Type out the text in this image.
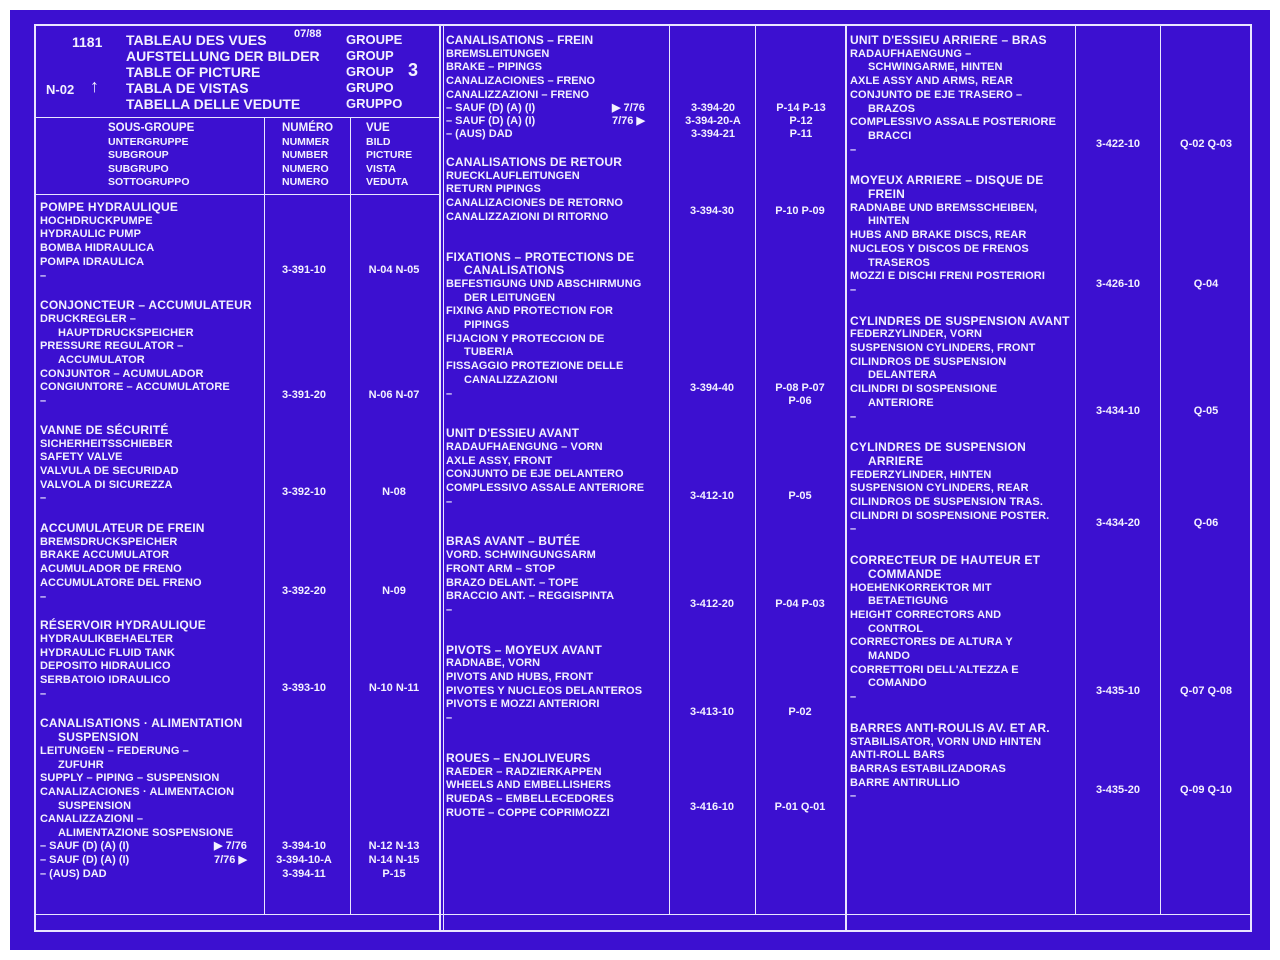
1181	07/88
N-02 ↑
3
TABLEAU DES VUES
AUFSTELLUNG DER BILDER
TABLE OF PICTURE
TABLA DE VISTAS
TABELLA DELLE VEDUTE
GROUPE
GROUP
GROUP
GRUPO
GRUPPO
SOUS-GROUPE
UNTERGRUPPE
SUBGROUP
SUBGRUPO
SOTTOGRUPPO
NUMÉRO
NUMMER
NUMBER
NUMERO
NUMERO
VUE
BILD
PICTURE
VISTA
VEDUTA
POMPE HYDRAULIQUE
HOCHDRUCKPUMPE
HYDRAULIC PUMP
BOMBA HIDRAULICA
POMPA IDRAULICA
–	3-391-10	N-04 N-05
CONJONCTEUR – ACCUMULATEUR
DRUCKREGLER –
HAUPTDRUCKSPEICHER
PRESSURE REGULATOR –
ACCUMULATOR
CONJUNTOR – ACUMULADOR
CONGIUNTORE – ACCUMULATORE
–	3-391-20	N-06 N-07
VANNE DE SÉCURITÉ
SICHERHEITSSCHIEBER
SAFETY VALVE
VALVULA DE SECURIDAD
VALVOLA DI SICUREZZA
–	3-392-10	N-08
ACCUMULATEUR DE FREIN
BREMSDRUCKSPEICHER
BRAKE ACCUMULATOR
ACUMULADOR DE FRENO
ACCUMULATORE DEL FRENO
–	3-392-20	N-09
RÉSERVOIR HYDRAULIQUE
HYDRAULIKBEHAELTER
HYDRAULIC FLUID TANK
DEPOSITO HIDRAULICO
SERBATOIO IDRAULICO
–	3-393-10	N-10 N-11
CANALISATIONS · ALIMENTATION
SUSPENSION
LEITUNGEN – FEDERUNG –
ZUFUHR
SUPPLY – PIPING – SUSPENSION
CANALIZACIONES · ALIMENTACION
SUSPENSION
CANALIZZAZIONI –
ALIMENTAZIONE SOSPENSIONE
– SAUF (D) (A) (I)	▶ 7/76	3-394-10	N-12 N-13
– SAUF (D) (A) (I)	7/76 ▶	3-394-10-A	N-14 N-15
– (AUS) DAD	3-394-11	P-15
CANALISATIONS – FREIN
BREMSLEITUNGEN
BRAKE – PIPINGS
CANALIZACIONES – FRENO
CANALIZZAZIONI – FRENO
– SAUF (D) (A) (I)	▶ 7/76	3-394-20	P-14 P-13
– SAUF (D) (A) (I)	7/76 ▶	3-394-20-A	P-12
– (AUS) DAD	3-394-21	P-11
CANALISATIONS DE RETOUR
RUECKLAUFLEITUNGEN
RETURN PIPINGS
CANALIZACIONES DE RETORNO
CANALIZZAZIONI DI RITORNO	3-394-30	P-10 P-09
FIXATIONS – PROTECTIONS DE
CANALISATIONS
BEFESTIGUNG UND ABSCHIRMUNG
DER LEITUNGEN
FIXING AND PROTECTION FOR
PIPINGS
FIJACION Y PROTECCION DE
TUBERIA
FISSAGGIO PROTEZIONE DELLE
CANALIZZAZIONI
–	3-394-40	P-08 P-07
P-06
UNIT D'ESSIEU AVANT
RADAUFHAENGUNG – VORN
AXLE ASSY, FRONT
CONJUNTO DE EJE DELANTERO
COMPLESSIVO ASSALE ANTERIORE
–	3-412-10	P-05
BRAS AVANT – BUTÉE
VORD. SCHWINGUNGSARM
FRONT ARM – STOP
BRAZO DELANT. – TOPE
BRACCIO ANT. – REGGISPINTA
–	3-412-20	P-04 P-03
PIVOTS – MOYEUX AVANT
RADNABE, VORN
PIVOTS AND HUBS, FRONT
PIVOTES Y NUCLEOS DELANTEROS
PIVOTS E MOZZI ANTERIORI
–	3-413-10	P-02
ROUES – ENJOLIVEURS
RAEDER – RADZIERKAPPEN
WHEELS AND EMBELLISHERS
RUEDAS – EMBELLECEDORES
RUOTE – COPPE COPRIMOZZI	3-416-10	P-01 Q-01
UNIT D'ESSIEU ARRIERE – BRAS
RADAUFHAENGUNG –
SCHWINGARME, HINTEN
AXLE ASSY AND ARMS, REAR
CONJUNTO DE EJE TRASERO –
BRAZOS
COMPLESSIVO ASSALE POSTERIORE
BRACCI
–	3-422-10	Q-02 Q-03
MOYEUX ARRIERE – DISQUE DE
FREIN
RADNABE UND BREMSSCHEIBEN,
HINTEN
HUBS AND BRAKE DISCS, REAR
NUCLEOS Y DISCOS DE FRENOS
TRASEROS
MOZZI E DISCHI FRENI POSTERIORI
–	3-426-10	Q-04
CYLINDRES DE SUSPENSION AVANT
FEDERZYLINDER, VORN
SUSPENSION CYLINDERS, FRONT
CILINDROS DE SUSPENSION
DELANTERA
CILINDRI DI SOSPENSIONE
ANTERIORE
–	3-434-10	Q-05
CYLINDRES DE SUSPENSION
ARRIERE
FEDERZYLINDER, HINTEN
SUSPENSION CYLINDERS, REAR
CILINDROS DE SUSPENSION TRAS.
CILINDRI DI SOSPENSIONE POSTER.
–	3-434-20	Q-06
CORRECTEUR DE HAUTEUR ET
COMMANDE
HOEHENKORREKTOR MIT
BETAETIGUNG
HEIGHT CORRECTORS AND
CONTROL
CORRECTORES DE ALTURA Y
MANDO
CORRETTORI DELL'ALTEZZA E
COMANDO
–	3-435-10	Q-07 Q-08
BARRES ANTI-ROULIS AV. ET AR.
STABILISATOR, VORN UND HINTEN
ANTI-ROLL BARS
BARRAS ESTABILIZADORAS
BARRE ANTIRULLIO
–	3-435-20	Q-09 Q-10
